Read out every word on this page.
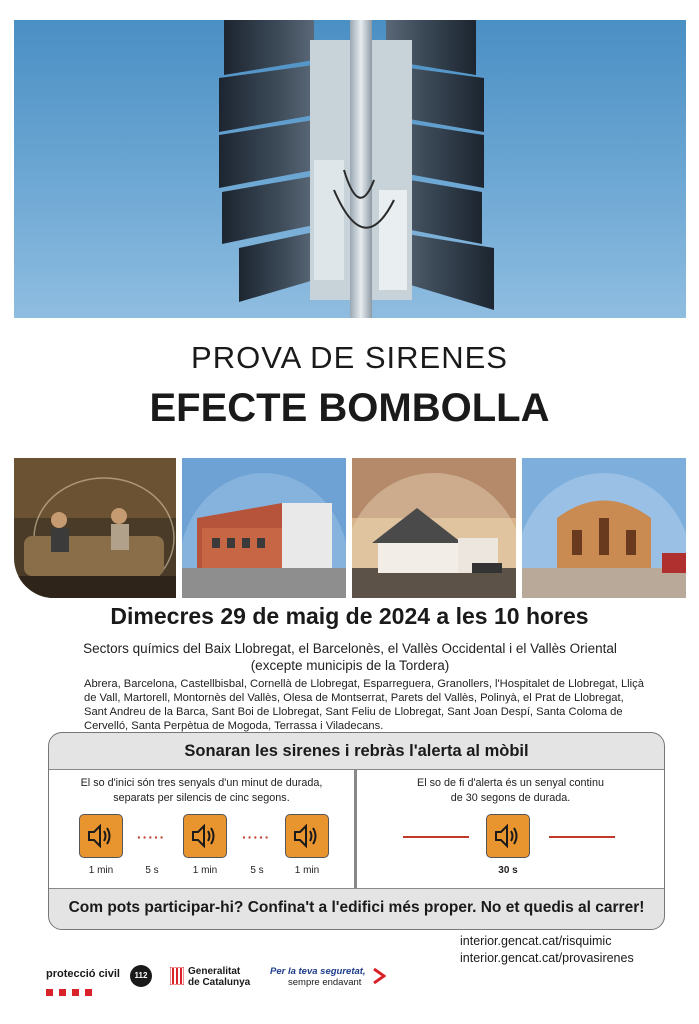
PROVA DE SIRENES
EFECTE BOMBOLLA
Dimecres 29 de maig de 2024 a les 10 hores
Sectors químics del Baix Llobregat, el Barcelonès, el Vallès Occidental i el Vallès Oriental (excepte municipis de la Tordera)
Abrera, Barcelona, Castellbisbal, Cornellà de Llobregat, Esparreguera, Granollers, l'Hospitalet de Llobregat, Lliçà de Vall, Martorell, Montornès del Vallès, Olesa de Montserrat, Parets del Vallès, Polinyà, el Prat de Llobregat, Sant Andreu de la Barca, Sant Boi de Llobregat, Sant Feliu de Llobregat, Sant Joan Despí, Santa Coloma de Cervelló, Santa Perpètua de Mogoda, Terrassa i Viladecans.
Sonaran les sirenes i rebràs l'alerta al mòbil
El so d'inici són tres senyals d'un minut de durada, separats per silencis de cinc segons.
·····	·····
1 min	5 s	1 min	5 s	1 min
El so de fi d'alerta és un senyal continu de 30 segons de durada.
30 s
Com pots participar-hi? Confina't a l'edifici més proper. No et quedis al carrer!
interior.gencat.cat/risquimic
interior.gencat.cat/provasirenes
protecció civil	112	Generalitat
de Catalunya
Per la teva seguretat,
sempre endavant
